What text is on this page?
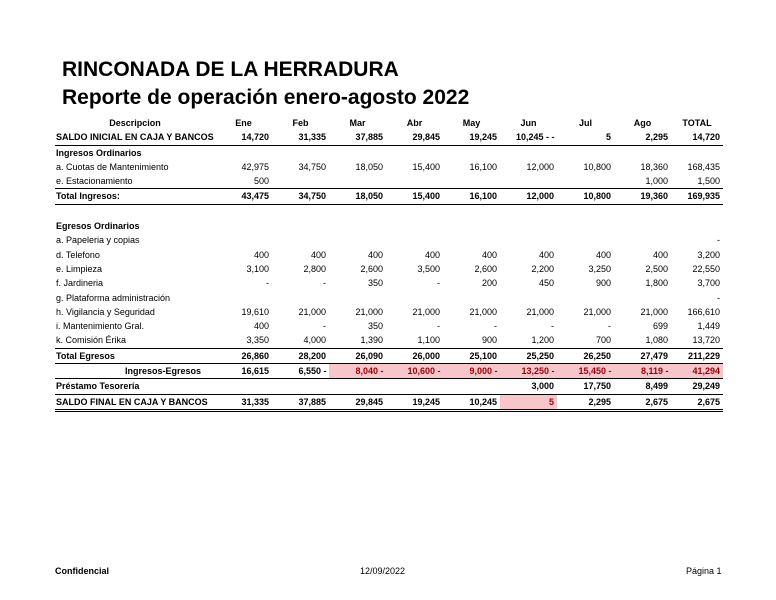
RINCONADA DE LA HERRADURA
Reporte de operación enero-agosto 2022
Descripcion	Ene	Feb	Mar	Abr	May	Jun	Jul	Ago	TOTAL
SALDO INICIAL EN CAJA Y BANCOS	14,720	31,335	37,885	29,845	19,245	10,245 - -	5	2,295	14,720
Ingresos Ordinarios									
a. Cuotas de Mantenimiento	42,975	34,750	18,050	15,400	16,100	12,000	10,800	18,360	168,435
e. Estacionamiento	500							1,000	1,500
Total Ingresos:	43,475	34,750	18,050	15,400	16,100	12,000	10,800	19,360	169,935

Egresos Ordinarios									
a. Papeleria y copias									-
d. Telefono	400	400	400	400	400	400	400	400	3,200
e. Limpieza	3,100	2,800	2,600	3,500	2,600	2,200	3,250	2,500	22,550
f. Jardineria	-	-	350	-	200	450	900	1,800	3,700
g. Plataforma administración									-
h. Vigilancia y Seguridad	19,610	21,000	21,000	21,000	21,000	21,000	21,000	21,000	166,610
i. Mantenimiento Gral.	400	-	350	-	-	-	-	699	1,449
k. Comisión Érika	3,350	4,000	1,390	1,100	900	1,200	700	1,080	13,720
Total Egresos	26,860	28,200	26,090	26,000	25,100	25,250	26,250	27,479	211,229
Ingresos-Egresos	16,615	6,550 -	8,040 -	10,600 -	9,000 -	13,250 -	15,450 -	8,119 -	41,294
Préstamo Tesorería						3,000	17,750	8,499	29,249
SALDO FINAL EN CAJA Y BANCOS	31,335	37,885	29,845	19,245	10,245	5	2,295	2,675	2,675
Confidencial	12/09/2022	Página 1
